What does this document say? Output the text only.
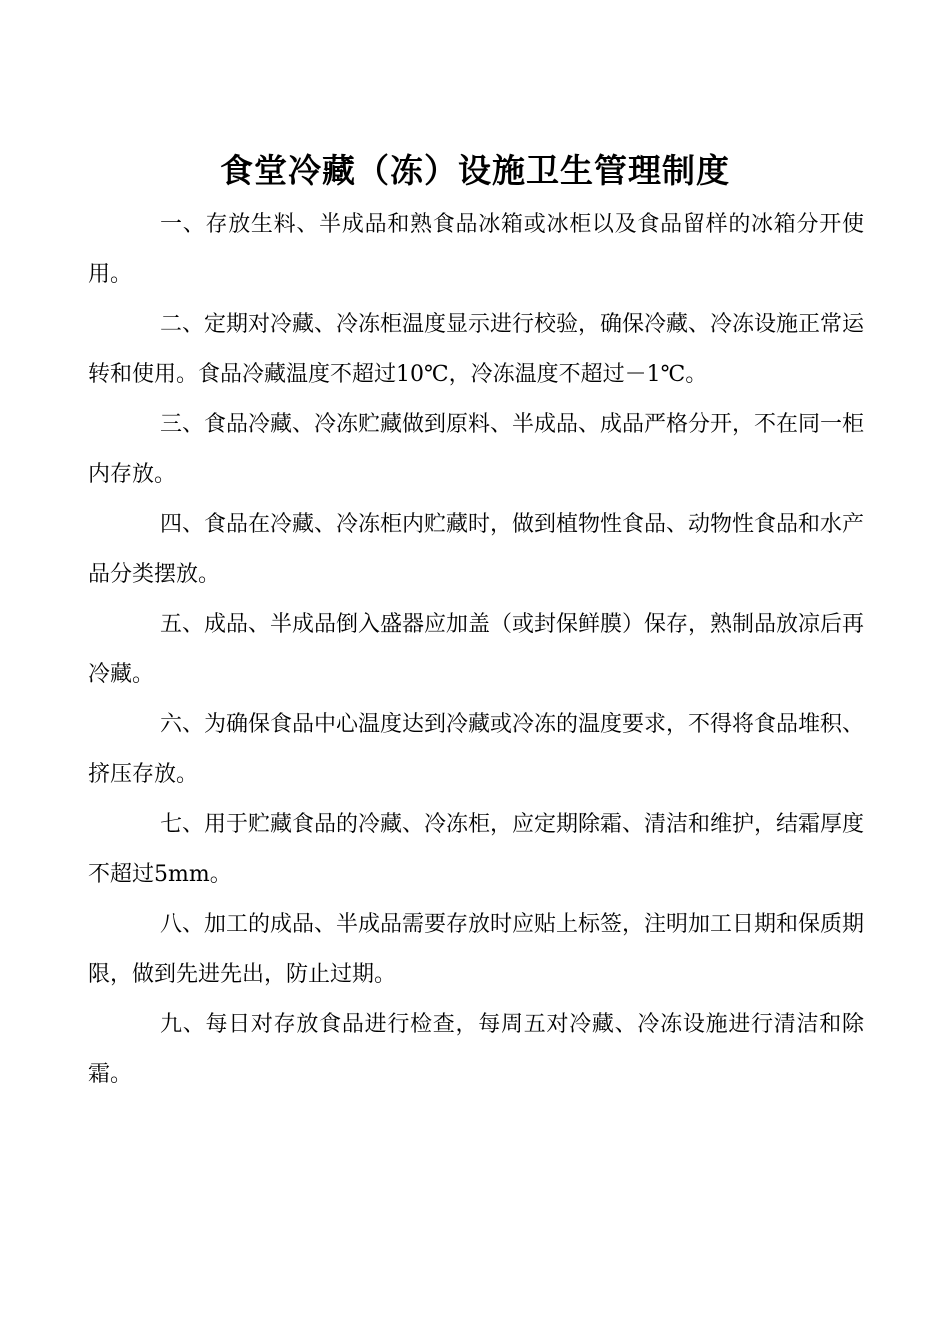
食堂冷藏（冻）设施卫生管理制度

一、存放生料、半成品和熟食品冰箱或冰柜以及食品留样的冰箱分开使用。

二、定期对冷藏、冷冻柜温度显示进行校验，确保冷藏、冷冻设施正常运转和使用。食品冷藏温度不超过10℃，冷冻温度不超过－1℃。

三、食品冷藏、冷冻贮藏做到原料、半成品、成品严格分开，不在同一柜内存放。

四、食品在冷藏、冷冻柜内贮藏时，做到植物性食品、动物性食品和水产品分类摆放。

五、成品、半成品倒入盛器应加盖（或封保鲜膜）保存，熟制品放凉后再冷藏。

六、为确保食品中心温度达到冷藏或冷冻的温度要求，不得将食品堆积、挤压存放。

七、用于贮藏食品的冷藏、冷冻柜，应定期除霜、清洁和维护，结霜厚度不超过5mm。

八、加工的成品、半成品需要存放时应贴上标签，注明加工日期和保质期限，做到先进先出，防止过期。

九、每日对存放食品进行检查，每周五对冷藏、冷冻设施进行清洁和除霜。
